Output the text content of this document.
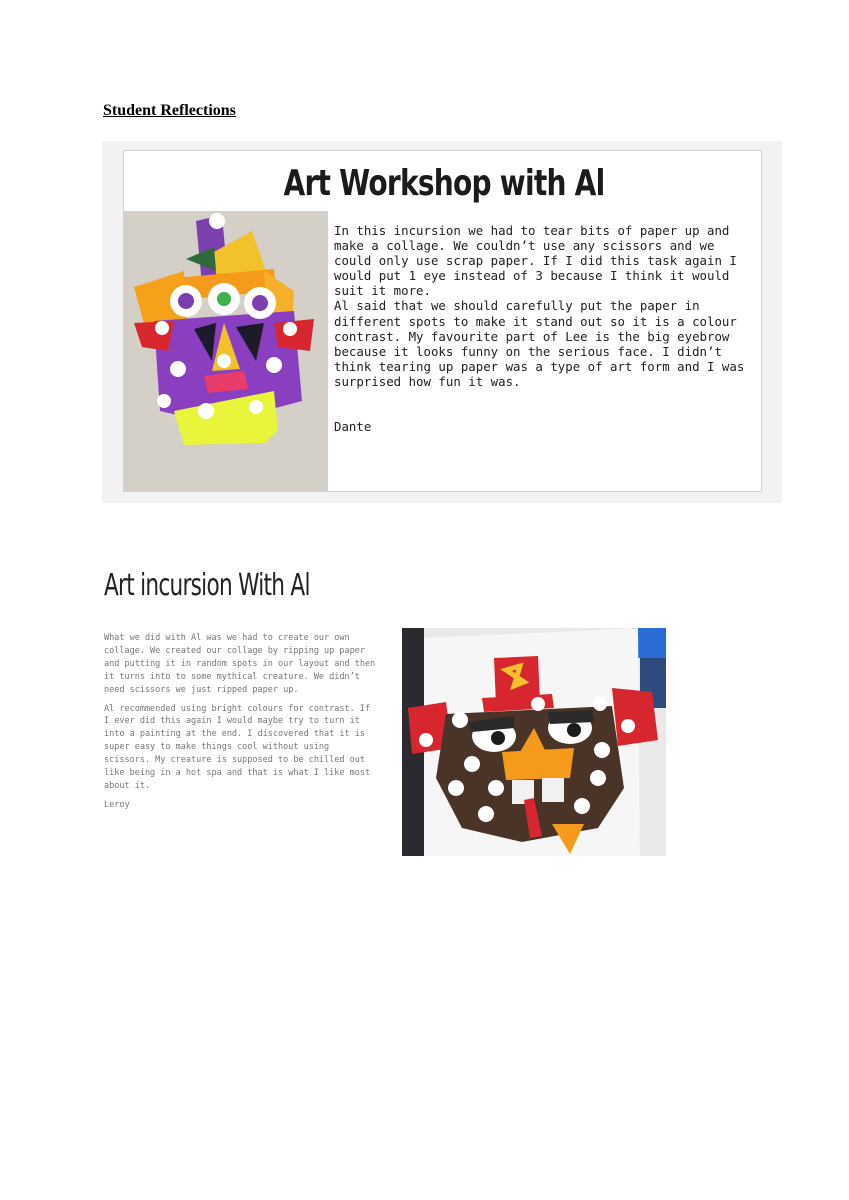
Student Reflections
Art Workshop with Al
In this incursion we had to tear bits of paper up and make a collage. We couldn’t use any scissors and we could only use scrap paper. If I did this task again I would put 1 eye instead of 3 because I think it would suit it more.
Al said that we should carefully put the paper in different spots to make it stand out so it is a colour contrast. My favourite part of Lee is the big eyebrow because it looks funny on the serious face. I didn’t think tearing up paper was a type of art form and I was surprised how fun it was.
Dante
Art incursion With Al

What we did with Al was we had to create our own collage. We created our collage by ripping up paper and putting it in random spots in our layout and then it turns into to some mythical creature. We didn’t need scissors we just ripped paper up.

Al recommended using bright colours for contrast. If I ever did this again I would maybe try to turn it into a painting at the end. I discovered that it is super easy to make things cool without using scissors. My creature is supposed to be chilled out like being in a hot spa and that is what I like most about it.

Leroy
